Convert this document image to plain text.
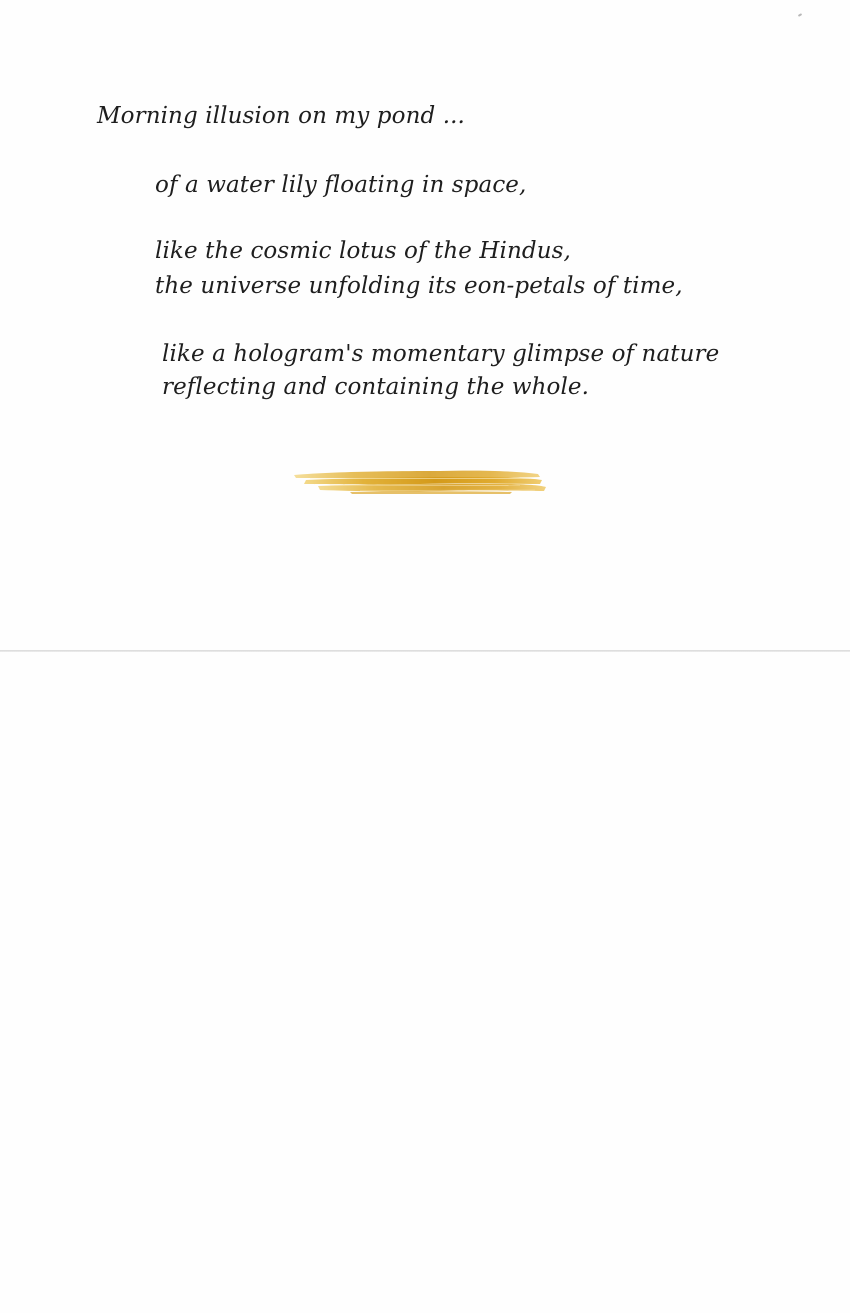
Morning illusion on my pond ...

of a water lily floating in space,

like the cosmic lotus of the Hindus,

the universe unfolding its eon-petals of time,

like a hologram's momentary glimpse of nature

reflecting and containing the whole.
